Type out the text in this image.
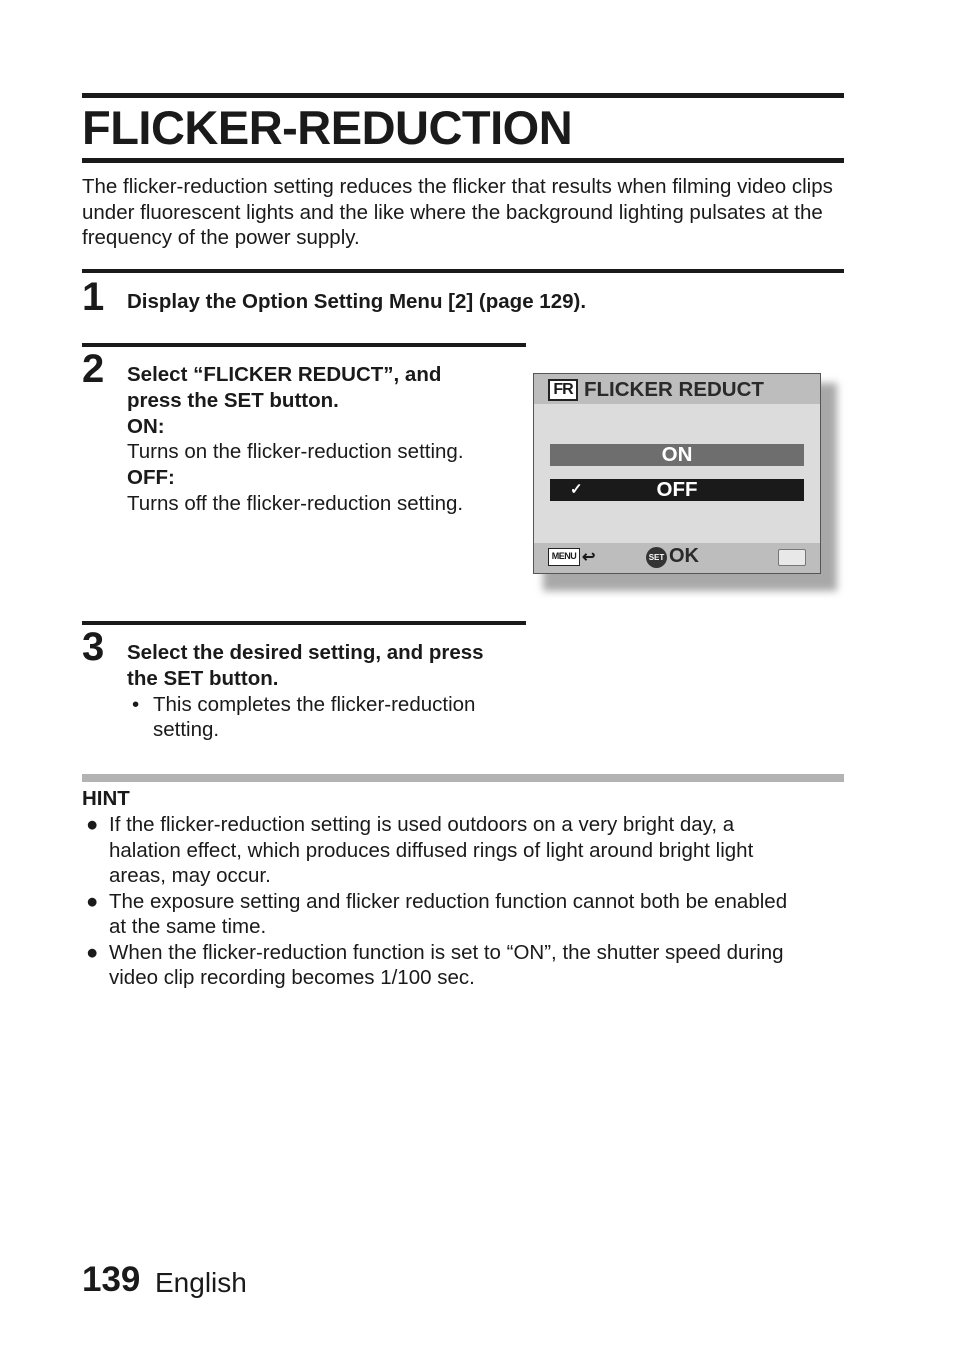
FLICKER-REDUCTION

The flicker-reduction setting reduces the flicker that results when filming video clips under fluorescent lights and the like where the background lighting pulsates at the frequency of the power supply.

1 Display the Option Setting Menu [2] (page 129).
2 Select “FLICKER REDUCT”, and
press the SET button.
ON:
Turns on the flicker-reduction setting.
OFF:
Turns off the flicker-reduction setting.
FR FLICKER REDUCT
ON
✓	OFF
MENU ↩	SET OK
3 Select the desired setting, and press
the SET button.
• This completes the flicker-reduction
setting.
HINT
● If the flicker-reduction setting is used outdoors on a very bright day, a
halation effect, which produces diffused rings of light around bright light
areas, may occur.
● The exposure setting and flicker reduction function cannot both be enabled
at the same time.
● When the flicker-reduction function is set to “ON”, the shutter speed during
video clip recording becomes 1/100 sec.
139 English
